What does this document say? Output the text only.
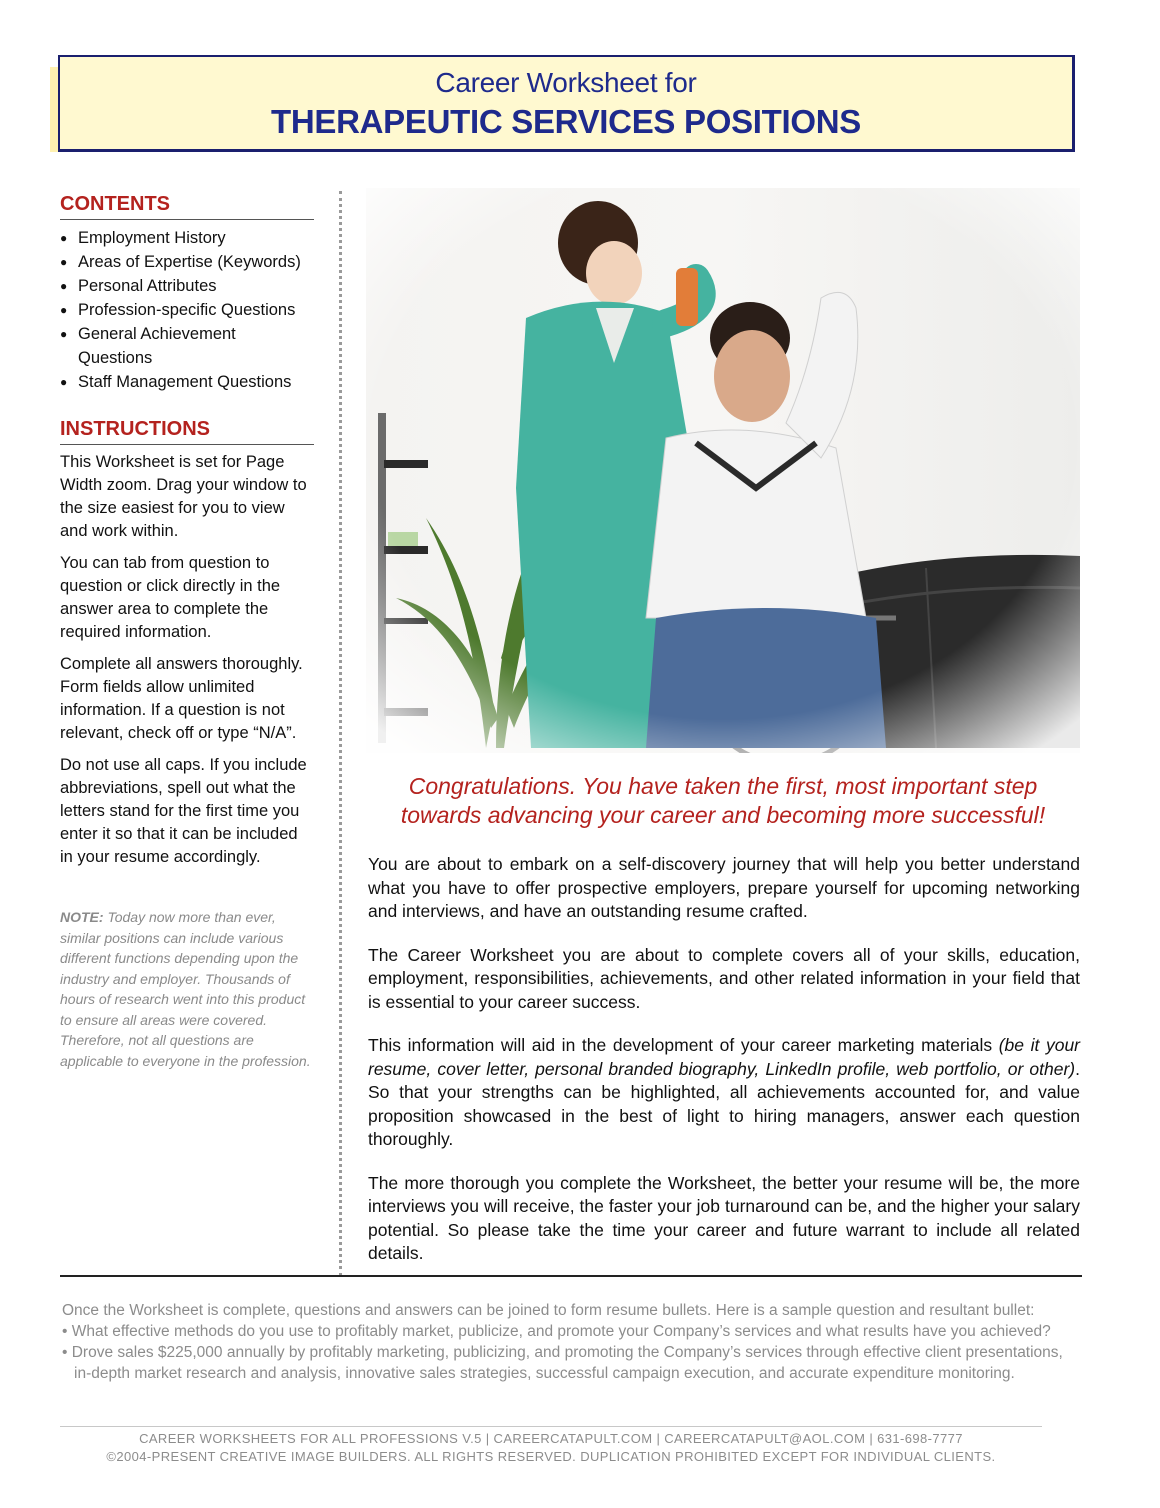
Career Worksheet for
THERAPEUTIC SERVICES POSITIONS
CONTENTS
● Employment History
● Areas of Expertise (Keywords)
● Personal Attributes
● Profession-specific Questions
● General Achievement Questions
● Staff Management Questions
INSTRUCTIONS

This Worksheet is set for Page Width zoom. Drag your window to the size easiest for you to view and work within.

You can tab from question to question or click directly in the answer area to complete the required information.

Complete all answers thoroughly. Form fields allow unlimited information. If a question is not relevant, check off or type “N/A”.

Do not use all caps. If you include abbreviations, spell out what the letters stand for the first time you enter it so that it can be included in your resume accordingly.

NOTE: Today now more than ever, similar positions can include various different functions depending upon the industry and employer. Thousands of hours of research went into this product to ensure all areas were covered. Therefore, not all questions are applicable to everyone in the profession.
Congratulations. You have taken the first, most important step
towards advancing your career and becoming more successful!

You are about to embark on a self-discovery journey that will help you better understand what you have to offer prospective employers, prepare yourself for upcoming networking and interviews, and have an outstanding resume crafted.

The Career Worksheet you are about to complete covers all of your skills, education, employment, responsibilities, achievements, and other related information in your field that is essential to your career success.

This information will aid in the development of your career marketing materials (be it your resume, cover letter, personal branded biography, LinkedIn profile, web portfolio, or other). So that your strengths can be highlighted, all achievements accounted for, and value proposition showcased in the best of light to hiring managers, answer each question thoroughly.

The more thorough you complete the Worksheet, the better your resume will be, the more interviews you will receive, the faster your job turnaround can be, and the higher your salary potential. So please take the time your career and future warrant to include all related details.

Once the Worksheet is complete, questions and answers can be joined to form resume bullets. Here is a sample question and resultant bullet:
• What effective methods do you use to profitably market, publicize, and promote your Company’s services and what results have you achieved?
• Drove sales $225,000 annually by profitably marketing, publicizing, and promoting the Company’s services through effective client presentations,
in-depth market research and analysis, innovative sales strategies, successful campaign execution, and accurate expenditure monitoring.
CAREER WORKSHEETS FOR ALL PROFESSIONS V.5 | CAREERCATAPULT.COM | CAREERCATAPULT@AOL.COM | 631-698-7777
©2004-PRESENT CREATIVE IMAGE BUILDERS. ALL RIGHTS RESERVED. DUPLICATION PROHIBITED EXCEPT FOR INDIVIDUAL CLIENTS.
